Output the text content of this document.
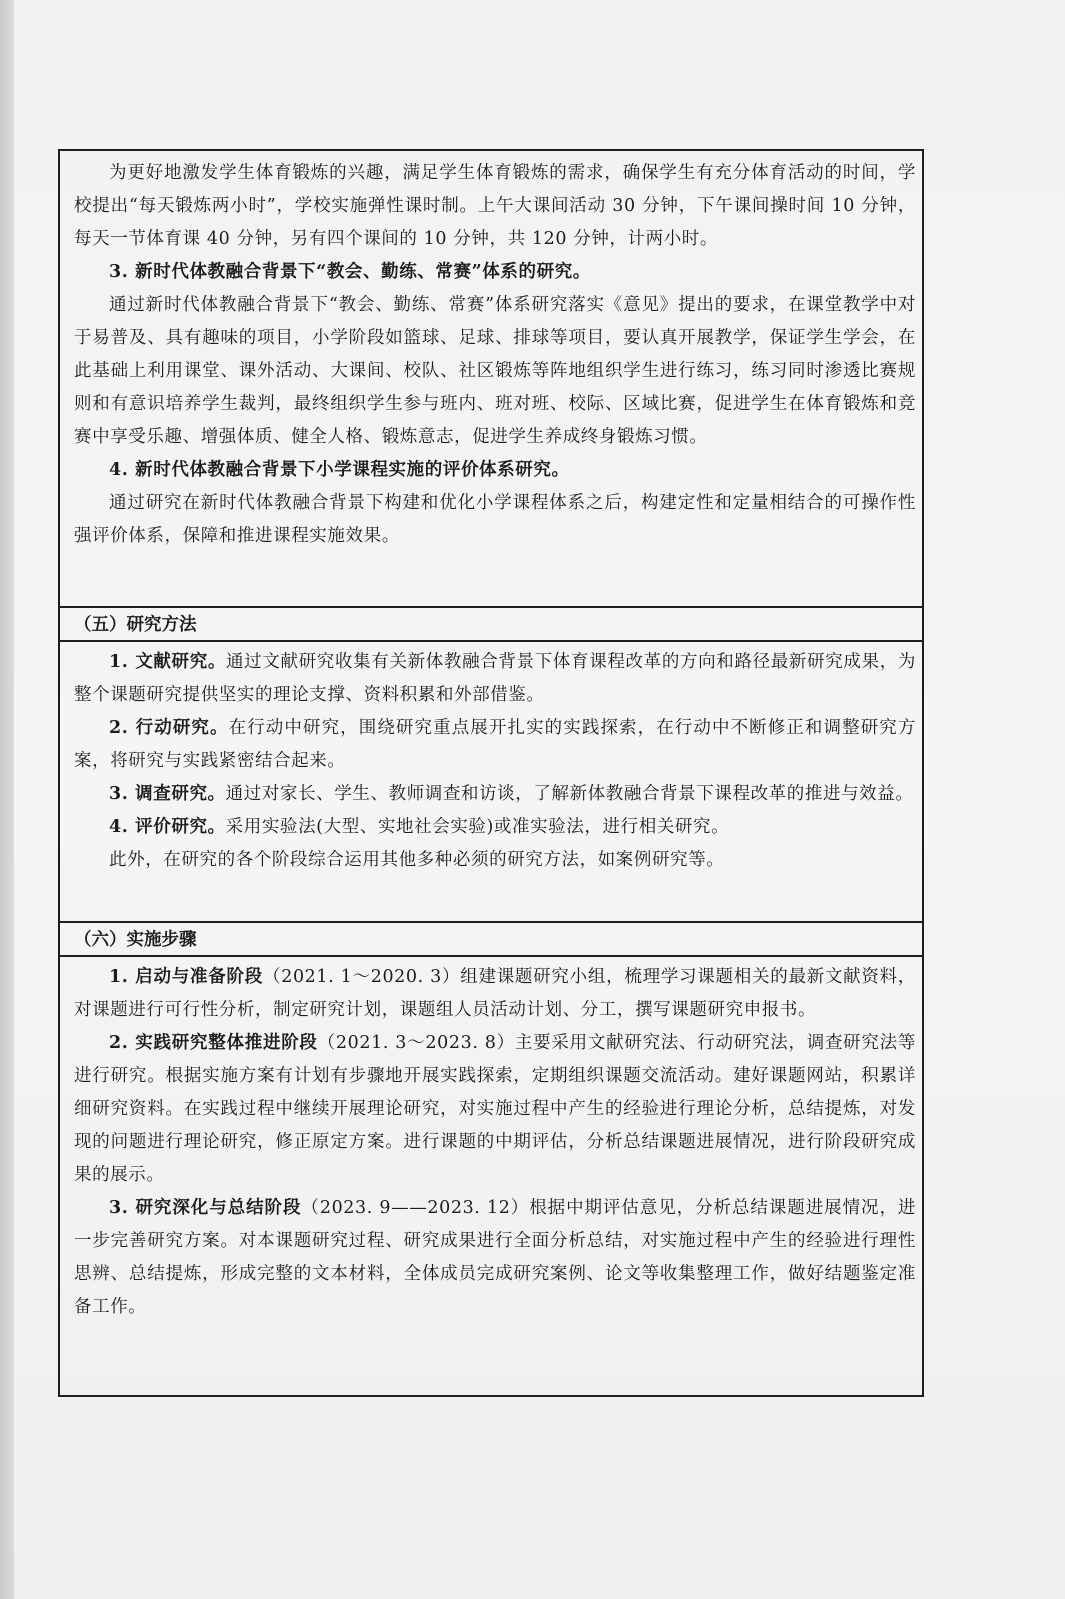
为更好地激发学生体育锻炼的兴趣，满足学生体育锻炼的需求，确保学生有充分体育活动的时间，学校提出“每天锻炼两小时”，学校实施弹性课时制。上午大课间活动 30 分钟，下午课间操时间 10 分钟，每天一节体育课 40 分钟，另有四个课间的 10 分钟，共 120 分钟，计两小时。

3. 新时代体教融合背景下“教会、勤练、常赛”体系的研究。

通过新时代体教融合背景下“教会、勤练、常赛”体系研究落实《意见》提出的要求，在课堂教学中对于易普及、具有趣味的项目，小学阶段如篮球、足球、排球等项目，要认真开展教学，保证学生学会，在此基础上利用课堂、课外活动、大课间、校队、社区锻炼等阵地组织学生进行练习，练习同时渗透比赛规则和有意识培养学生裁判，最终组织学生参与班内、班对班、校际、区域比赛，促进学生在体育锻炼和竞赛中享受乐趣、增强体质、健全人格、锻炼意志，促进学生养成终身锻炼习惯。

4. 新时代体教融合背景下小学课程实施的评价体系研究。

通过研究在新时代体教融合背景下构建和优化小学课程体系之后，构建定性和定量相结合的可操作性强评价体系，保障和推进课程实施效果。

（五）研究方法

1. 文献研究。通过文献研究收集有关新体教融合背景下体育课程改革的方向和路径最新研究成果，为整个课题研究提供坚实的理论支撑、资料积累和外部借鉴。

2. 行动研究。在行动中研究，围绕研究重点展开扎实的实践探索，在行动中不断修正和调整研究方案，将研究与实践紧密结合起来。

3. 调查研究。通过对家长、学生、教师调查和访谈，了解新体教融合背景下课程改革的推进与效益。

4. 评价研究。采用实验法(大型、实地社会实验)或准实验法，进行相关研究。

此外，在研究的各个阶段综合运用其他多种必须的研究方法，如案例研究等。

（六）实施步骤

1. 启动与准备阶段（2021. 1～2020. 3）组建课题研究小组，梳理学习课题相关的最新文献资料，对课题进行可行性分析，制定研究计划，课题组人员活动计划、分工，撰写课题研究申报书。

2. 实践研究整体推进阶段（2021. 3～2023. 8）主要采用文献研究法、行动研究法，调查研究法等进行研究。根据实施方案有计划有步骤地开展实践探索，定期组织课题交流活动。建好课题网站，积累详细研究资料。在实践过程中继续开展理论研究，对实施过程中产生的经验进行理论分析，总结提炼，对发现的问题进行理论研究，修正原定方案。进行课题的中期评估，分析总结课题进展情况，进行阶段研究成果的展示。

3. 研究深化与总结阶段（2023. 9——2023. 12）根据中期评估意见，分析总结课题进展情况，进一步完善研究方案。对本课题研究过程、研究成果进行全面分析总结，对实施过程中产生的经验进行理性思辨、总结提炼，形成完整的文本材料，全体成员完成研究案例、论文等收集整理工作，做好结题鉴定准备工作。
